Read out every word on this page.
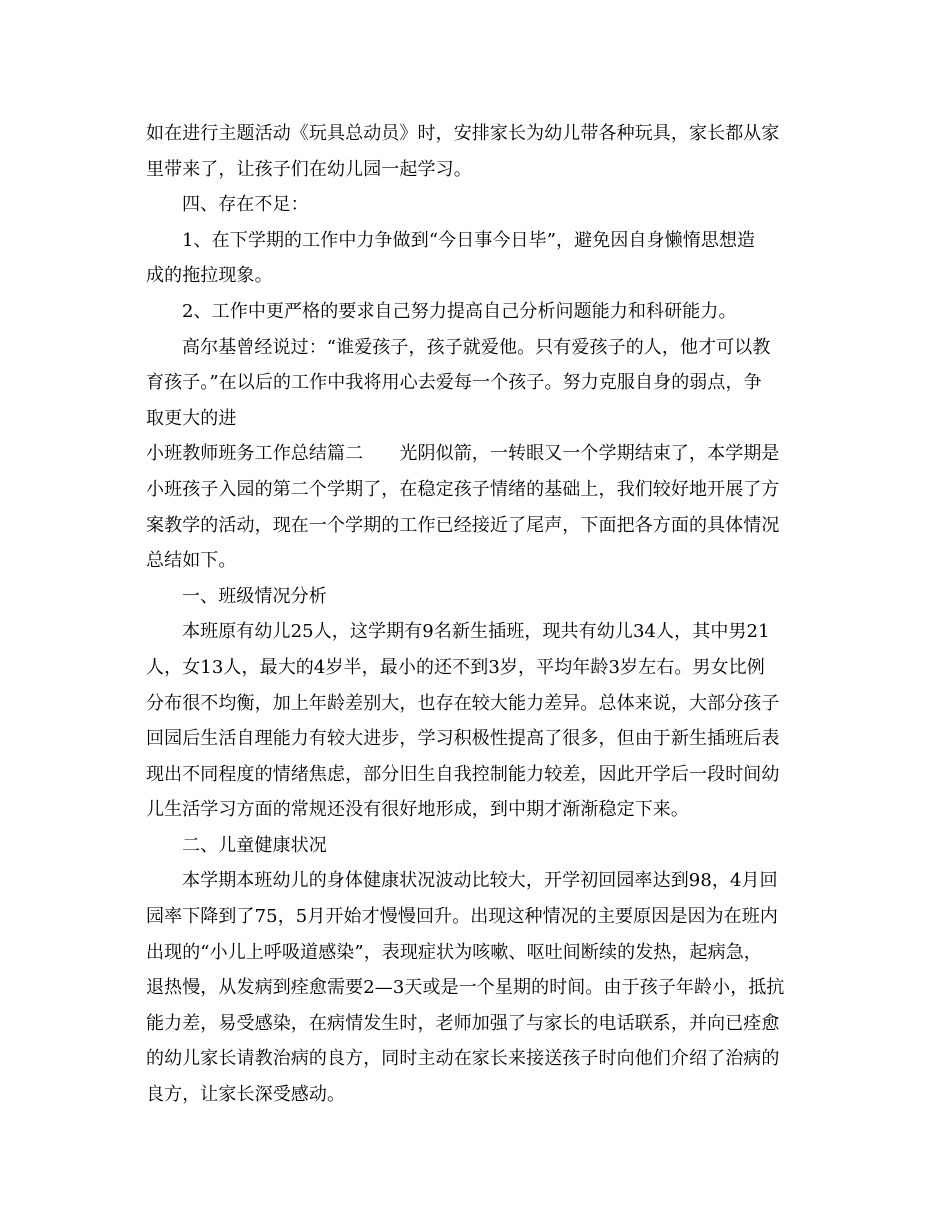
如在进行主题活动《玩具总动员》时，安排家长为幼儿带各种玩具，家长都从家
里带来了，让孩子们在幼儿园一起学习。
四、存在不足：
1、在下学期的工作中力争做到“今日事今日毕”，避免因自身懒惰思想造
成的拖拉现象。
2、工作中更严格的要求自己努力提高自己分析问题能力和科研能力。
高尔基曾经说过：“谁爱孩子，孩子就爱他。只有爱孩子的人，他才可以教
育孩子。”在以后的工作中我将用心去爱每一个孩子。努力克服自身的弱点，争
取更大的进
小班教师班务工作总结篇二　　光阴似箭，一转眼又一个学期结束了，本学期是
小班孩子入园的第二个学期了，在稳定孩子情绪的基础上，我们较好地开展了方
案教学的活动，现在一个学期的工作已经接近了尾声，下面把各方面的具体情况
总结如下。
一、班级情况分析
本班原有幼儿25人，这学期有9名新生插班，现共有幼儿34人，其中男21
人，女13人，最大的4岁半，最小的还不到3岁，平均年龄3岁左右。男女比例
分布很不均衡，加上年龄差别大，也存在较大能力差异。总体来说，大部分孩子
回园后生活自理能力有较大进步，学习积极性提高了很多，但由于新生插班后表
现出不同程度的情绪焦虑，部分旧生自我控制能力较差，因此开学后一段时间幼
儿生活学习方面的常规还没有很好地形成，到中期才渐渐稳定下来。
二、儿童健康状况
本学期本班幼儿的身体健康状况波动比较大，开学初回园率达到98，4月回
园率下降到了75，5月开始才慢慢回升。出现这种情况的主要原因是因为在班内
出现的“小儿上呼吸道感染”，表现症状为咳嗽、呕吐间断续的发热，起病急，
退热慢，从发病到痊愈需要2—3天或是一个星期的时间。由于孩子年龄小，抵抗
能力差，易受感染，在病情发生时，老师加强了与家长的电话联系，并向已痊愈
的幼儿家长请教治病的良方，同时主动在家长来接送孩子时向他们介绍了治病的
良方，让家长深受感动。
